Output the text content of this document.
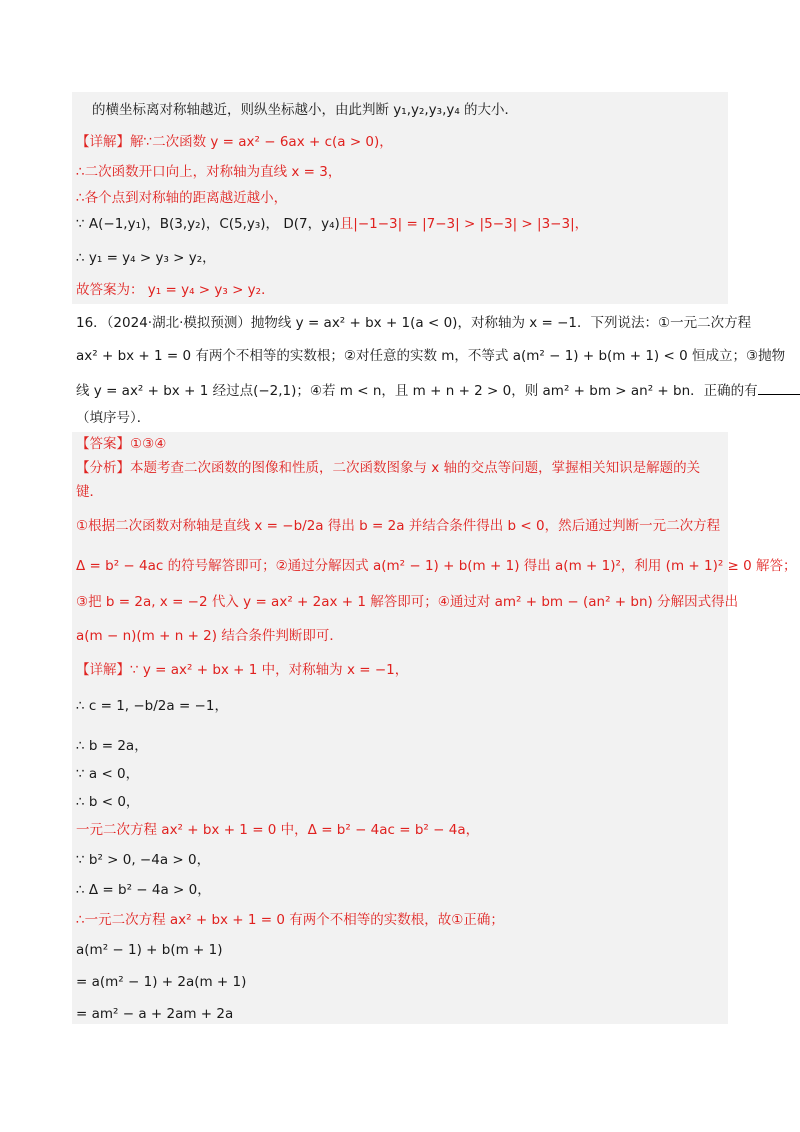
的横坐标离对称轴越近，则纵坐标越小，由此判断 y₁,y₂,y₃,y₄ 的大小．
【详解】解∵二次函数 y = ax² − 6ax + c(a > 0)，
∴二次函数开口向上，对称轴为直线 x = 3，
∴各个点到对称轴的距离越近越小，
∵ A(−1,y₁)，B(3,y₂)，C(5,y₃)， D(7，y₄)且|−1−3| = |7−3| > |5−3| > |3−3|，
∴ y₁ = y₄ > y₃ > y₂，
故答案为： y₁ = y₄ > y₃ > y₂．
16．（2024·湖北·模拟预测）抛物线 y = ax² + bx + 1(a < 0)，对称轴为 x = −1．下列说法：①一元二次方程
ax² + bx + 1 = 0 有两个不相等的实数根；②对任意的实数 m，不等式 a(m² − 1) + b(m + 1) < 0 恒成立；③抛物
线 y = ax² + bx + 1 经过点(−2,1)；④若 m < n，且 m + n + 2 > 0，则 am² + bm > an² + bn．正确的有
（填序号）．
【答案】①③④
【分析】本题考查二次函数的图像和性质，二次函数图象与 x 轴的交点等问题，掌握相关知识是解题的关
键．
①根据二次函数对称轴是直线 x = −b/2a 得出 b = 2a 并结合条件得出 b < 0，然后通过判断一元二次方程
Δ = b² − 4ac 的符号解答即可；②通过分解因式 a(m² − 1) + b(m + 1) 得出 a(m + 1)²，利用 (m + 1)² ≥ 0 解答；
③把 b = 2a, x = −2 代入 y = ax² + 2ax + 1 解答即可；④通过对 am² + bm − (an² + bn) 分解因式得出
a(m − n)(m + n + 2) 结合条件判断即可．
【详解】∵ y = ax² + bx + 1 中，对称轴为 x = −1，
∴ c = 1, −b/2a = −1，
∴ b = 2a，
∵ a < 0，
∴ b < 0，
一元二次方程 ax² + bx + 1 = 0 中，Δ = b² − 4ac = b² − 4a，
∵ b² > 0, −4a > 0，
∴ Δ = b² − 4a > 0，
∴一元二次方程 ax² + bx + 1 = 0 有两个不相等的实数根，故①正确；
a(m² − 1) + b(m + 1)
= a(m² − 1) + 2a(m + 1)
= am² − a + 2am + 2a
